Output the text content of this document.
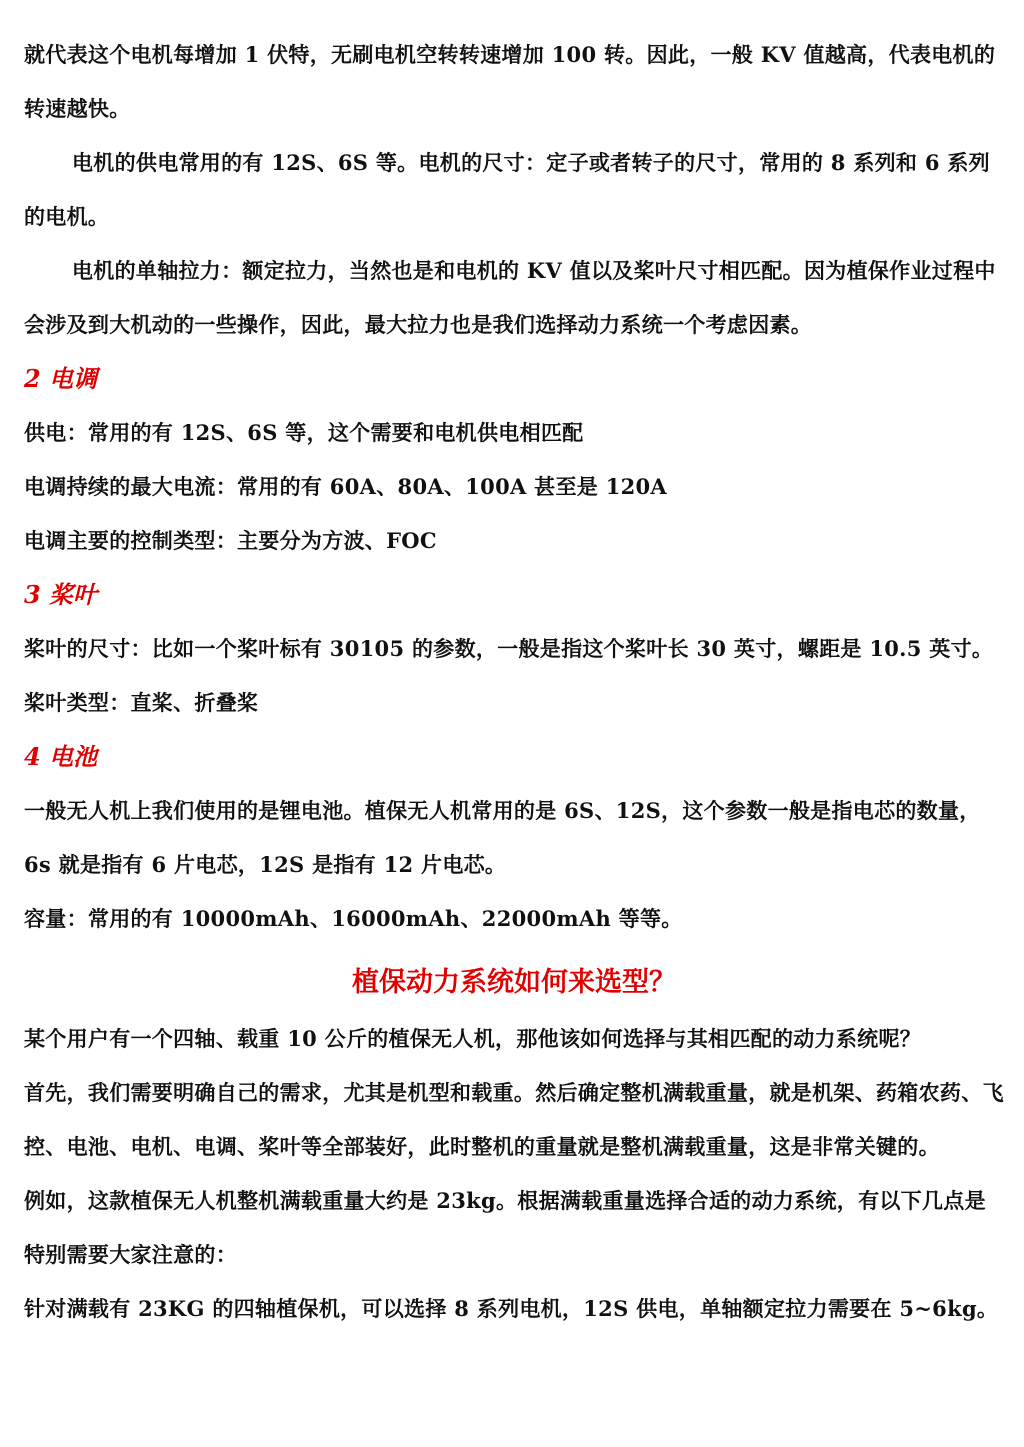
就代表这个电机每增加 1 伏特，无刷电机空转转速增加 100 转。因此，一般 KV 值越高，代表电机的转速越快。

电机的供电常用的有 12S、6S 等。电机的尺寸：定子或者转子的尺寸，常用的 8 系列和 6 系列的电机。

电机的单轴拉力：额定拉力，当然也是和电机的 KV 值以及桨叶尺寸相匹配。因为植保作业过程中会涉及到大机动的一些操作，因此，最大拉力也是我们选择动力系统一个考虑因素。

2 电调

供电：常用的有 12S、6S 等，这个需要和电机供电相匹配

电调持续的最大电流：常用的有 60A、80A、100A 甚至是 120A

电调主要的控制类型：主要分为方波、FOC

3 桨叶

桨叶的尺寸：比如一个桨叶标有 30105 的参数，一般是指这个桨叶长 30 英寸，螺距是 10.5 英寸。

桨叶类型：直桨、折叠桨

4 电池

一般无人机上我们使用的是锂电池。植保无人机常用的是 6S、12S，这个参数一般是指电芯的数量，6s 就是指有 6 片电芯，12S 是指有 12 片电芯。

容量：常用的有 10000mAh、16000mAh、22000mAh 等等。

植保动力系统如何来选型？

某个用户有一个四轴、载重 10 公斤的植保无人机，那他该如何选择与其相匹配的动力系统呢？

首先，我们需要明确自己的需求，尤其是机型和载重。然后确定整机满载重量，就是机架、药箱农药、飞控、电池、电机、电调、桨叶等全部装好，此时整机的重量就是整机满载重量，这是非常关键的。

例如，这款植保无人机整机满载重量大约是 23kg。根据满载重量选择合适的动力系统，有以下几点是特别需要大家注意的：

针对满载有 23KG 的四轴植保机，可以选择 8 系列电机，12S 供电，单轴额定拉力需要在 5~6kg。
